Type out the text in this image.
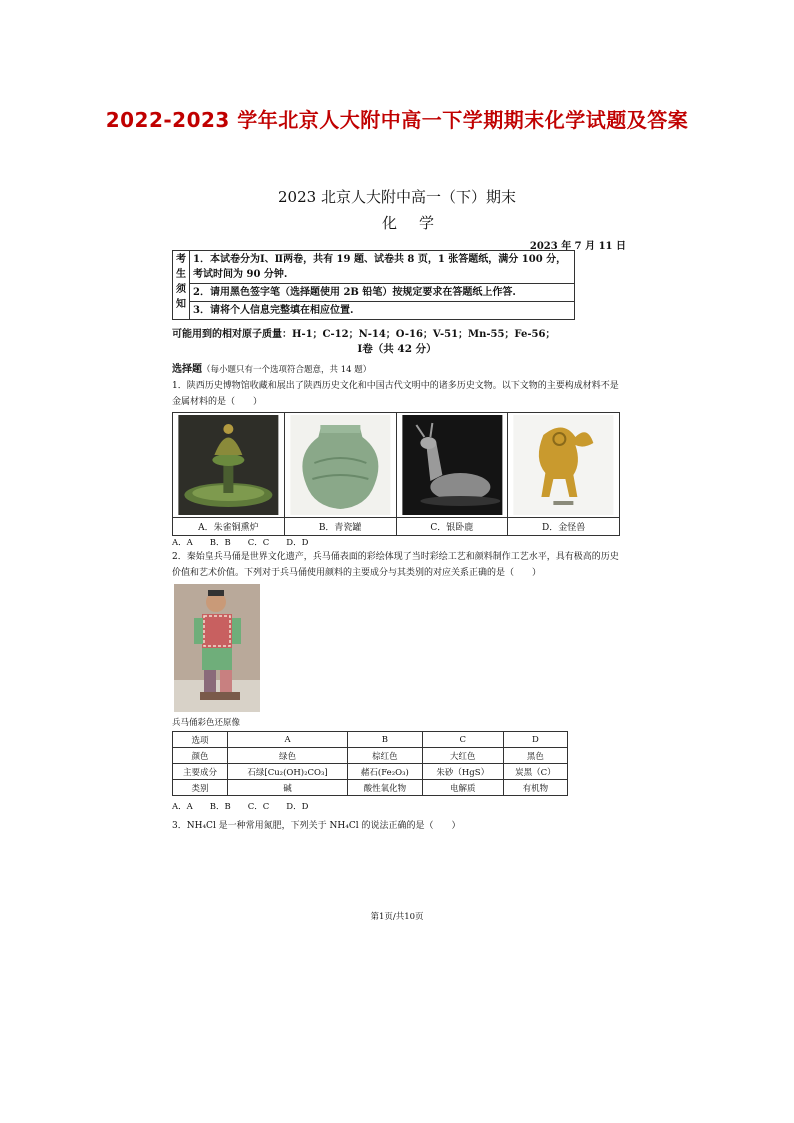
2022-2023 学年北京人大附中高一下学期期末化学试题及答案
2023 北京人大附中高一（下）期末
化学
2023 年 7 月 11 日
考
生
须
知
	1．本试卷分为Ⅰ、Ⅱ两卷，共有 19 题、试卷共 8 页，1 张答题纸，满分 100 分，考试时间为 90 分钟.
2．请用黑色签字笔（选择题使用 2B 铅笔）按规定要求在答题纸上作答.
3．请将个人信息完整填在相应位置.
可能用到的相对原子质量：H-1；C-12；N-14；O-16；V-51；Mn-55；Fe-56；
Ⅰ卷（共 42 分）
选择题（每小题只有一个选项符合题意，共 14 题）
1．陕西历史博物馆收藏和展出了陕西历史文化和中国古代文明中的诸多历史文物。以下文物的主要构成材料不是金属材料的是（　　）

A．朱雀铜熏炉	B．青瓷罐	C．银卧鹿	D．金怪兽
A．A　　B．B　　C．C　　D．D
2．秦始皇兵马俑是世界文化遗产，兵马俑表面的彩绘体现了当时彩绘工艺和颜料制作工艺水平，具有极高的历史价值和艺术价值。下列对于兵马俑使用颜料的主要成分与其类别的对应关系正确的是（　　）
兵马俑彩色还原像
选项	A	B	C	D
颜色	绿色	棕红色	大红色	黑色
主要成分	石绿[Cu₂(OH)₂CO₃]	赭石(Fe₂O₃)	朱砂（HgS）	炭黑（C）
类别	碱	酸性氧化物	电解质	有机物
A．A　　B．B　　C．C　　D．D
3．NH₄Cl 是一种常用氮肥，下列关于 NH₄Cl 的说法正确的是（　　）
第1页/共10页
